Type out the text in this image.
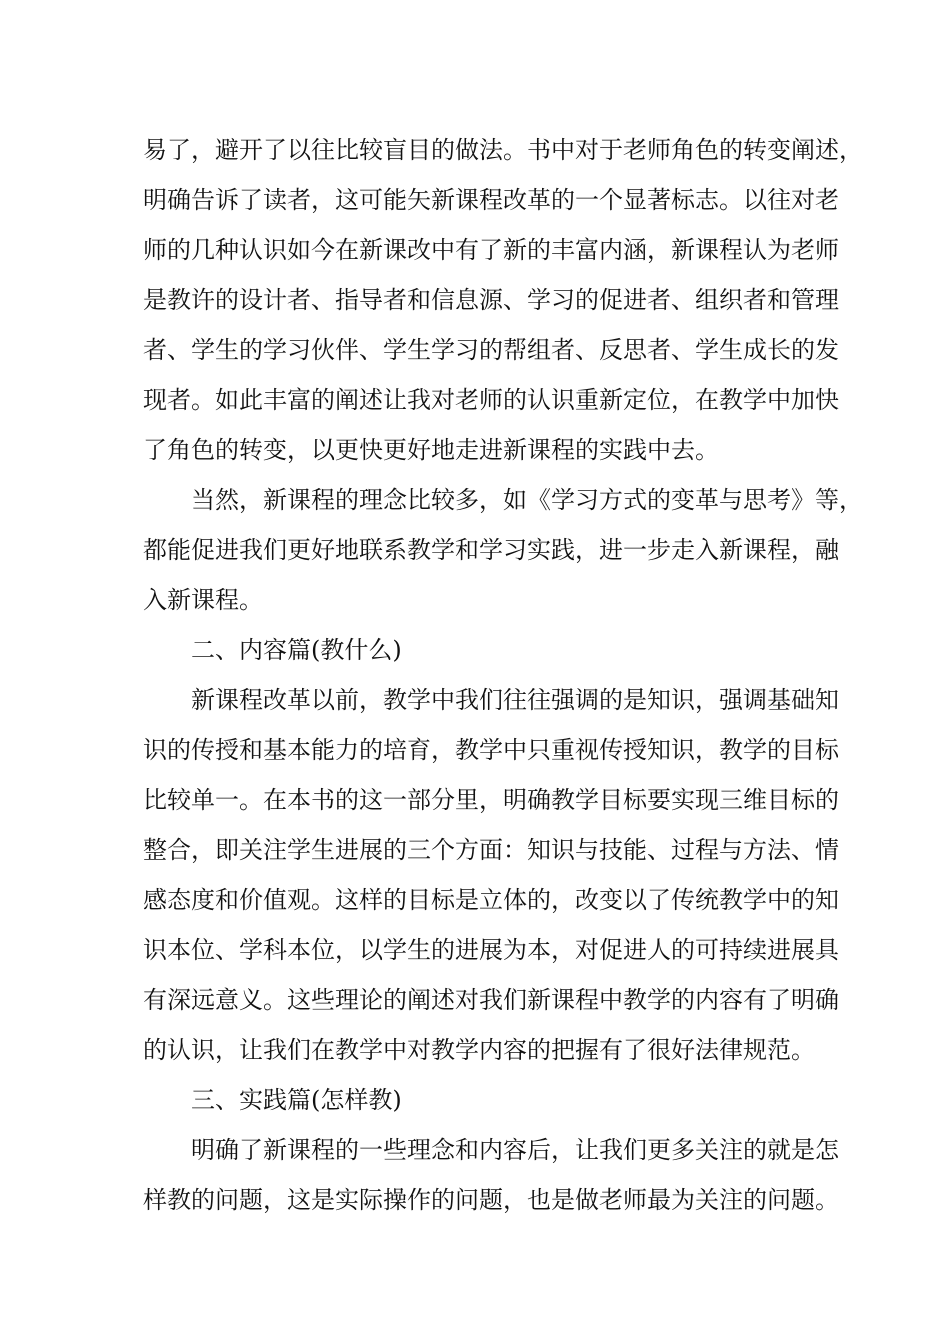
易了，避开了以往比较盲目的做法。书中对于老师角色的转变阐述，
明确告诉了读者，这可能矢新课程改革的一个显著标志。以往对老
师的几种认识如今在新课改中有了新的丰富内涵，新课程认为老师
是教许的设计者、指导者和信息源、学习的促进者、组织者和管理
者、学生的学习伙伴、学生学习的帮组者、反思者、学生成长的发
现者。如此丰富的阐述让我对老师的认识重新定位，在教学中加快
了角色的转变，以更快更好地走进新课程的实践中去。
当然，新课程的理念比较多，如《学习方式的变革与思考》等，
都能促进我们更好地联系教学和学习实践，进一步走入新课程，融
入新课程。
二、内容篇(教什么)
新课程改革以前，教学中我们往往强调的是知识，强调基础知
识的传授和基本能力的培育，教学中只重视传授知识，教学的目标
比较单一。在本书的这一部分里，明确教学目标要实现三维目标的
整合，即关注学生进展的三个方面：知识与技能、过程与方法、情
感态度和价值观。这样的目标是立体的，改变以了传统教学中的知
识本位、学科本位，以学生的进展为本，对促进人的可持续进展具
有深远意义。这些理论的阐述对我们新课程中教学的内容有了明确
的认识，让我们在教学中对教学内容的把握有了很好法律规范。
三、实践篇(怎样教)
明确了新课程的一些理念和内容后，让我们更多关注的就是怎
样教的问题，这是实际操作的问题，也是做老师最为关注的问题。
